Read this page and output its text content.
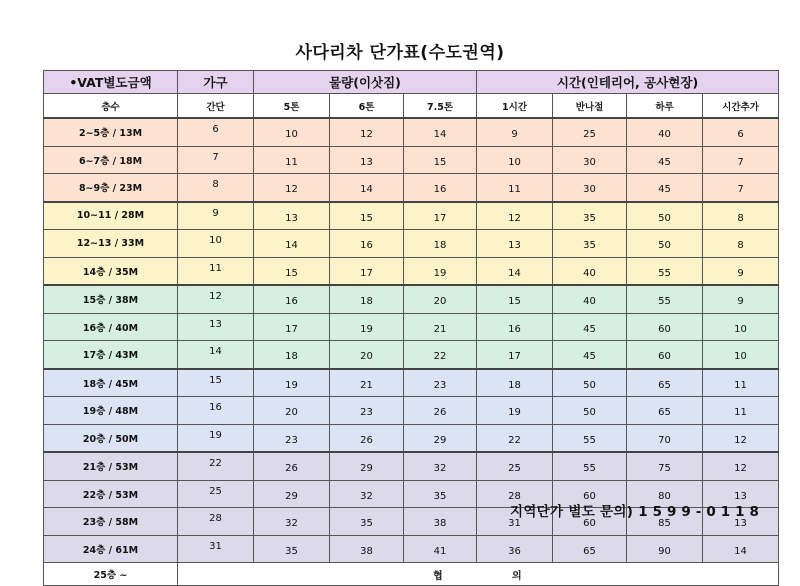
사다리차 단가표(수도권역)
•VAT별도금액	가구	물량(이삿짐)			시간(인테리어, 공사현장)			
층수	간단	5톤	6톤	7.5톤	1시간	반나절	하루	시간추가
2~5층 / 13M	6	10	12	14	9	25	40	6
6~7층 / 18M	7	11	13	15	10	30	45	7
8~9층 / 23M	8	12	14	16	11	30	45	7
10~11 / 28M	9	13	15	17	12	35	50	8
12~13 / 33M	10	14	16	18	13	35	50	8
14층 / 35M	11	15	17	19	14	40	55	9
15층 / 38M	12	16	18	20	15	40	55	9
16층 / 40M	13	17	19	21	16	45	60	10
17층 / 43M	14	18	20	22	17	45	60	10
18층 / 45M	15	19	21	23	18	50	65	11
19층 / 48M	16	20	23	26	19	50	65	11
20층 / 50M	19	23	26	29	22	55	70	12
21층 / 53M	22	26	29	32	25	55	75	12
22층 / 53M	25	29	32	35	28	60	80	13
23층 / 58M	28	32	35	38	31	60	85	13
24층 / 61M	31	35	38	41	36	65	90	14
25층 ~	협 의							
지역단가 별도 문의) 1599-0118
